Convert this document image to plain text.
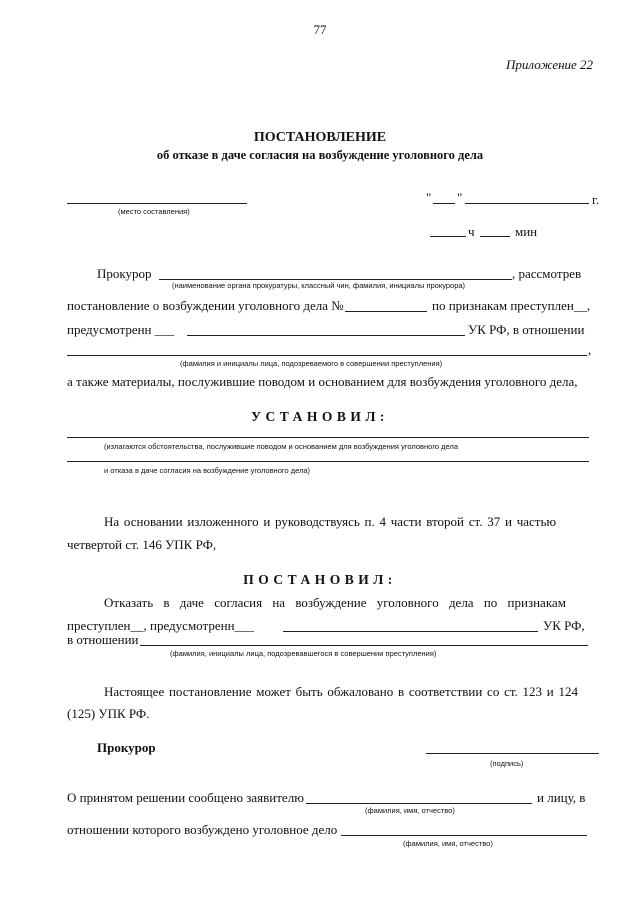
77
Приложение 22
ПОСТАНОВЛЕНИЕ
об отказе в даче согласия на возбуждение уголовного дела
(место составления)
" "	г.
ч	мин
Прокурор	, рассмотрев
(наименование органа прокуратуры, классный чин, фамилия, инициалы прокурора)
постановление о возбуждении уголовного дела №	по признакам преступлен__,
предусмотренн ___	УК РФ, в отношении
,
(фамилия и инициалы лица, подозреваемого в совершении преступления)
а также материалы, послужившие поводом и основанием для возбуждения уголовного дела,
УСТАНОВИЛ:
(излагаются обстоятельства, послужившие поводом и основанием для возбуждения уголовного дела
и отказа в даче согласия на возбуждение уголовного дела)
На основании изложенного и руководствуясь п. 4 части второй ст. 37 и частью
четвертой ст. 146 УПК РФ,
ПОСТАНОВИЛ:
Отказать в даче согласия на возбуждение уголовного дела по признакам
преступлен__, предусмотренн___	УК РФ,
в отношении
(фамилия, инициалы лица, подозревавшегося в совершении преступления)
Настоящее постановление может быть обжаловано в соответствии со ст. 123 и 124
(125) УПК РФ.
Прокурор
(подпись)
О принятом решении сообщено заявителю	и лицу, в
(фамилия, имя, отчество)
отношении которого возбуждено уголовное дело
(фамилия, имя, отчество)
